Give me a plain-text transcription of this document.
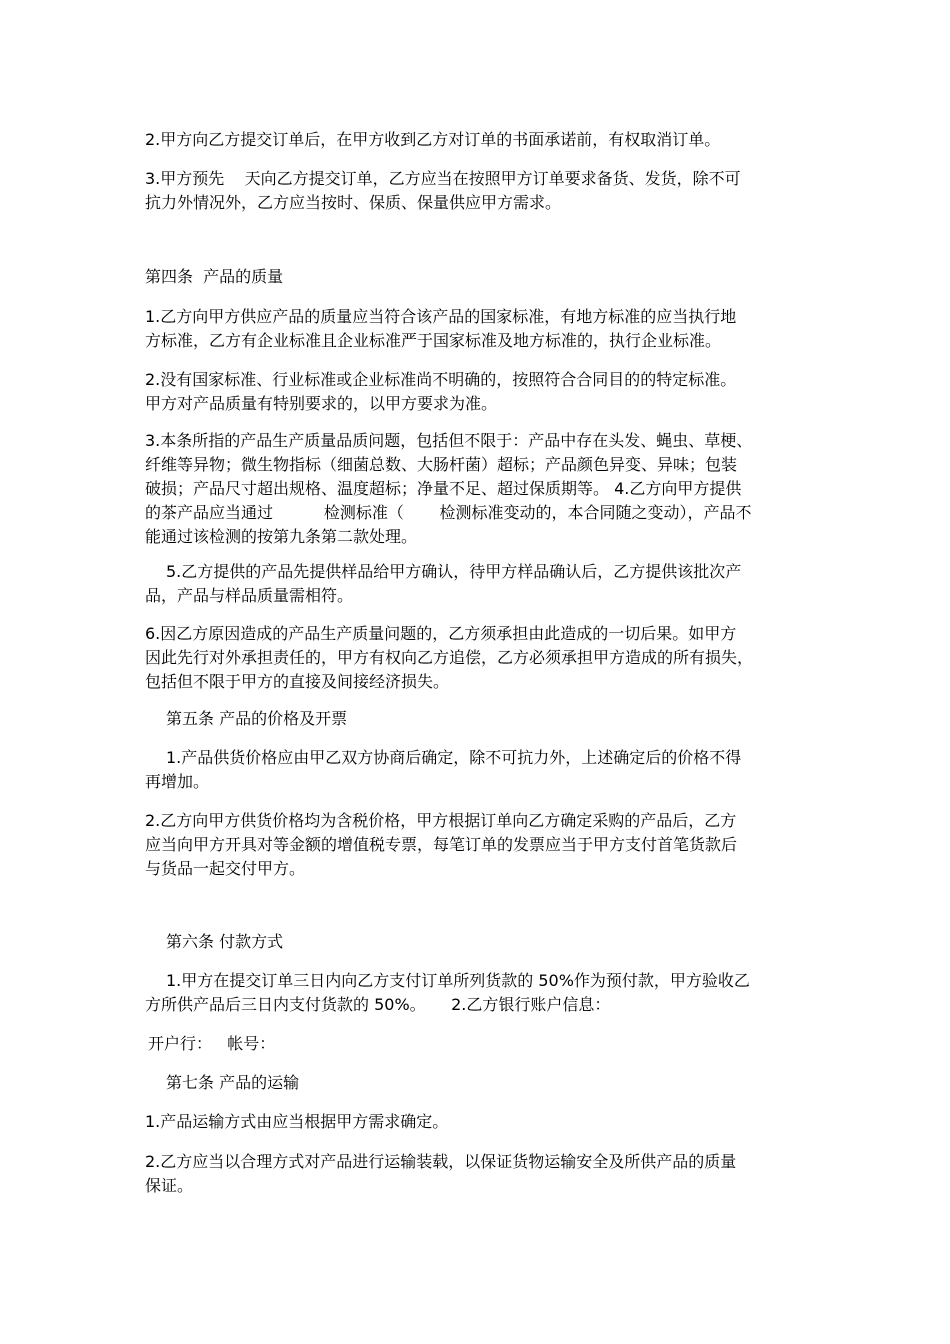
2.甲方向乙方提交订单后，在甲方收到乙方对订单的书面承诺前，有权取消订单。

3.甲方预先    天向乙方提交订单，乙方应当在按照甲方订单要求备货、发货，除不可
抗力外情况外，乙方应当按时、保质、保量供应甲方需求。

第四条  产品的质量

1.乙方向甲方供应产品的质量应当符合该产品的国家标准，有地方标准的应当执行地
方标准，乙方有企业标准且企业标准严于国家标准及地方标准的，执行企业标准。

2.没有国家标准、行业标准或企业标准尚不明确的，按照符合合同目的的特定标准。
甲方对产品质量有特别要求的，以甲方要求为准。

3.本条所指的产品生产质量品质问题，包括但不限于：产品中存在头发、蝇虫、草梗、
纤维等异物；微生物指标（细菌总数、大肠杆菌）超标；产品颜色异变、异味；包装
破损；产品尺寸超出规格、温度超标；净量不足、超过保质期等。 4.乙方向甲方提供
的茶产品应当通过          检测标准（       检测标准变动的，本合同随之变动），产品不
能通过该检测的按第九条第二款处理。

5.乙方提供的产品先提供样品给甲方确认，待甲方样品确认后，乙方提供该批次产
品，产品与样品质量需相符。

6.因乙方原因造成的产品生产质量问题的，乙方须承担由此造成的一切后果。如甲方
因此先行对外承担责任的，甲方有权向乙方追偿，乙方必须承担甲方造成的所有损失，
包括但不限于甲方的直接及间接经济损失。

第五条 产品的价格及开票

1.产品供货价格应由甲乙双方协商后确定，除不可抗力外，上述确定后的价格不得
再增加。

2.乙方向甲方供货价格均为含税价格，甲方根据订单向乙方确定采购的产品后，乙方
应当向甲方开具对等金额的增值税专票，每笔订单的发票应当于甲方支付首笔货款后
与货品一起交付甲方。

第六条 付款方式

1.甲方在提交订单三日内向乙方支付订单所列货款的 50%作为预付款，甲方验收乙
方所供产品后三日内支付货款的 50%。     2.乙方银行账户信息：

开户行：   帐号：

第七条 产品的运输

1.产品运输方式由应当根据甲方需求确定。

2.乙方应当以合理方式对产品进行运输装载，以保证货物运输安全及所供产品的质量
保证。
